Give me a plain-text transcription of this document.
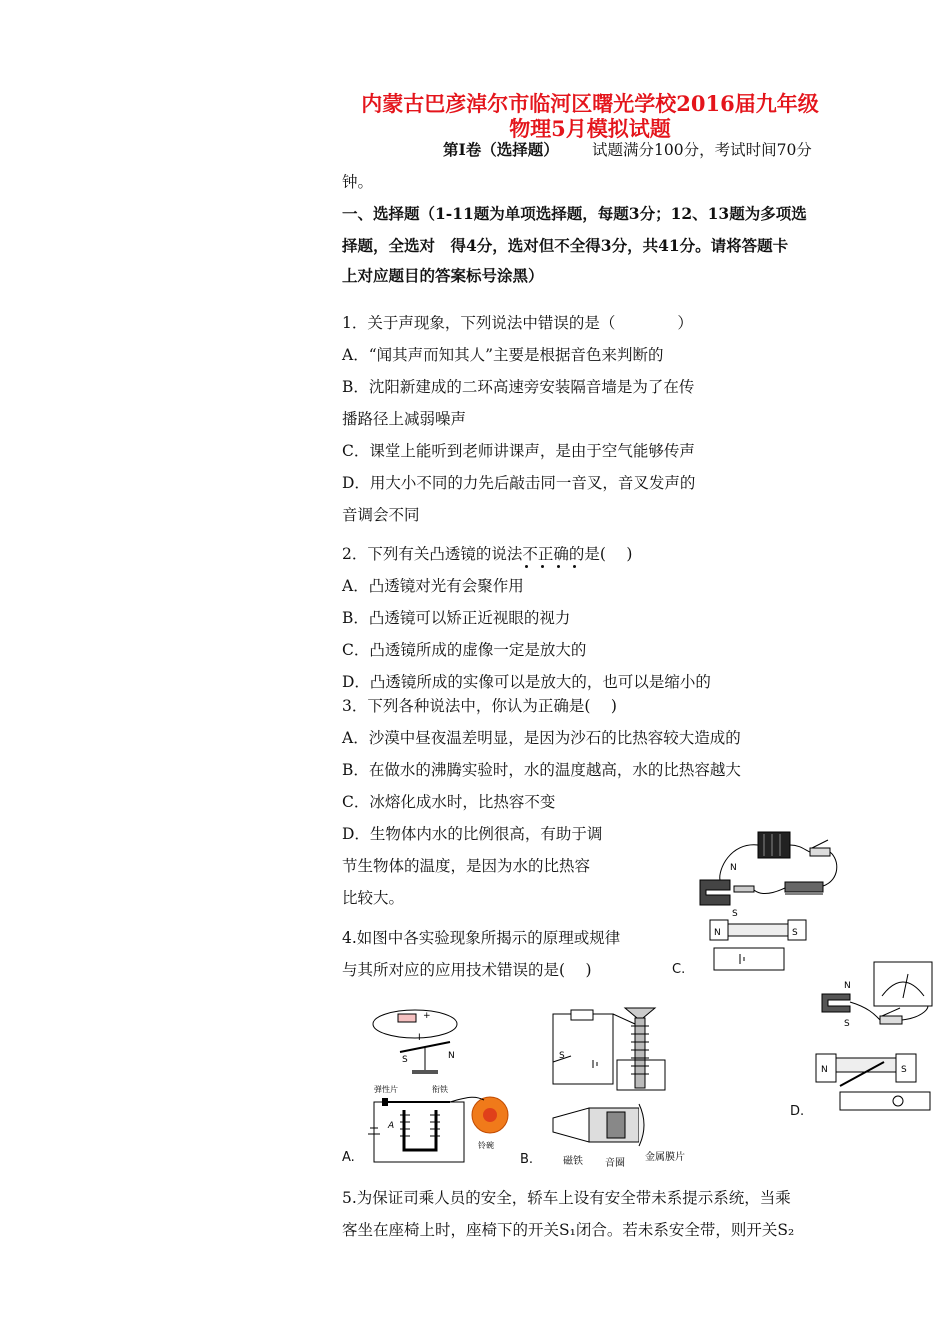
内蒙古巴彦淖尔市临河区曙光学校2016届九年级
物理5月模拟试题
第Ⅰ卷（选择题） 试题满分100分，考试时间70分
钟。
一、选择题（1-11题为单项选择题，每题3分；12、13题为多项选
择题，全选对　得4分，选对但不全得3分，共41分。请将答题卡
上对应题目的答案标号涂黑）
1．关于声现象，下列说法中错误的是（　　　　）
A．“闻其声而知其人”主要是根据音色来判断的
B．沈阳新建成的二环高速旁安装隔音墙是为了在传
播路径上减弱噪声
C．课堂上能听到老师讲课声，是由于空气能够传声
D．用大小不同的力先后敲击同一音叉，音叉发声的
音调会不同
2．下列有关凸透镜的说法不正确的是(　 )
A．凸透镜对光有会聚作用
B．凸透镜可以矫正近视眼的视力
C．凸透镜所成的虚像一定是放大的
D．凸透镜所成的实像可以是放大的，也可以是缩小的
3．下列各种说法中，你认为正确是(　 )
A．沙漠中昼夜温差明显，是因为沙石的比热容较大造成的
B．在做水的沸腾实验时，水的温度越高，水的比热容越大
C．冰熔化成水时，比热容不变
D．生物体内水的比例很高，有助于调
节生物体的温度，是因为水的比热容
比较大。
4.如图中各实验现象所揭示的原理或规律
与其所对应的应用技术错误的是(　 )
N
S
N	S
C.
N
S
N	S
D.
+
I
S	N
弹性片	衔铁
A
铃碗
A.
S
磁铁 音圈
金属膜片
B.
5.为保证司乘人员的安全，轿车上设有安全带未系提示系统，当乘
客坐在座椅上时，座椅下的开关S₁闭合。若未系安全带，则开关S₂
